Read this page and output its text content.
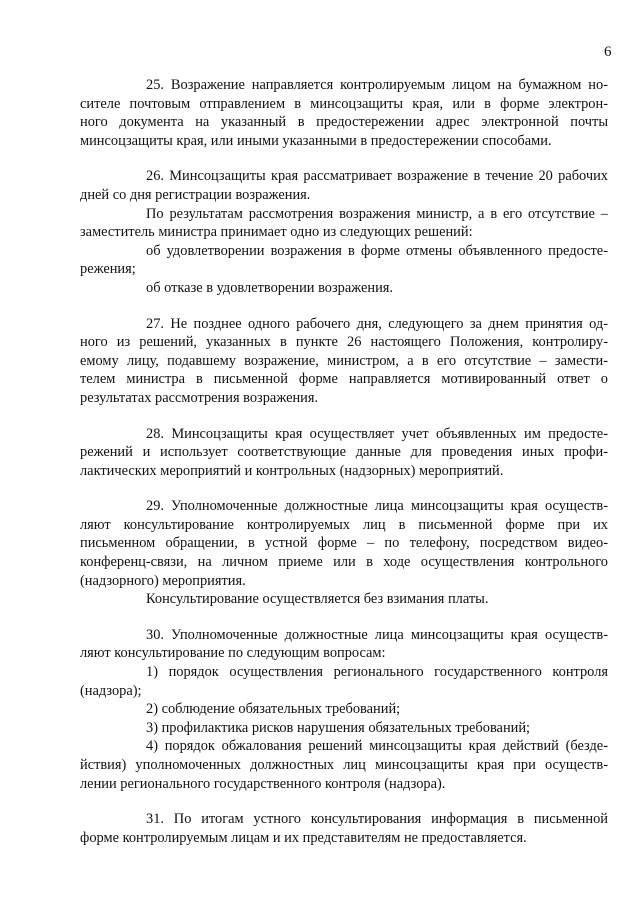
6
25. Возражение направляется контролируемым лицом на бумажном но-
сителе почтовым отправлением в минсоцзащиты края, или в форме электрон-
ного документа на указанный в предостережении адрес электронной почты
минсоцзащиты края, или иными указанными в предостережении способами.
26. Минсоцзащиты края рассматривает возражение в течение 20 рабочих
дней со дня регистрации возражения.
По результатам рассмотрения возражения министр, а в его отсутствие –
заместитель министра принимает одно из следующих решений:
об удовлетворении возражения в форме отмены объявленного предосте-
режения;
об отказе в удовлетворении возражения.
27. Не позднее одного рабочего дня, следующего за днем принятия од-
ного из решений, указанных в пункте 26 настоящего Положения, контролиру-
емому лицу, подавшему возражение, министром, а в его отсутствие – замести-
телем министра в письменной форме направляется мотивированный ответ о
результатах рассмотрения возражения.
28. Минсоцзащиты края осуществляет учет объявленных им предосте-
режений и использует соответствующие данные для проведения иных профи-
лактических мероприятий и контрольных (надзорных) мероприятий.
29. Уполномоченные должностные лица минсоцзащиты края осуществ-
ляют консультирование контролируемых лиц в письменной форме при их
письменном обращении, в устной форме – по телефону, посредством видео-
конференц-связи, на личном приеме или в ходе осуществления контрольного
(надзорного) мероприятия.
Консультирование осуществляется без взимания платы.
30. Уполномоченные должностные лица минсоцзащиты края осуществ-
ляют консультирование по следующим вопросам:
1) порядок осуществления регионального государственного контроля
(надзора);
2) соблюдение обязательных требований;
3) профилактика рисков нарушения обязательных требований;
4) порядок обжалования решений минсоцзащиты края действий (безде-
йствия) уполномоченных должностных лиц минсоцзащиты края при осуществ-
лении регионального государственного контроля (надзора).
31. По итогам устного консультирования информация в письменной
форме контролируемым лицам и их представителям не предоставляется.
